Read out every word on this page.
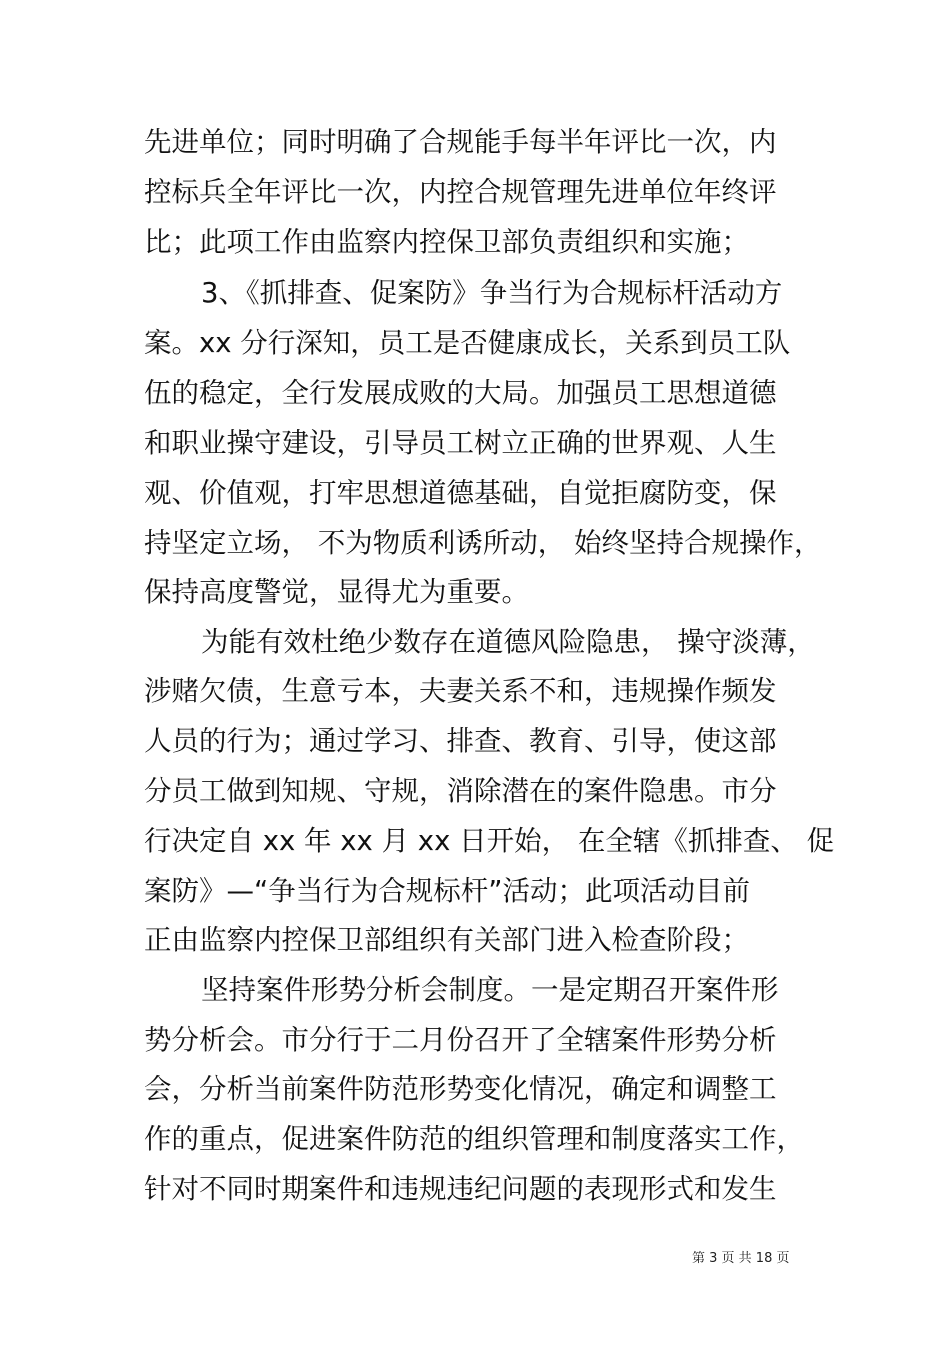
先进单位；同时明确了合规能手每半年评比一次，内
控标兵全年评比一次，内控合规管理先进单位年终评
比；此项工作由监察内控保卫部负责组织和实施；
3、《抓排查、促案防》争当行为合规标杆活动方
案。xx 分行深知，员工是否健康成长，关系到员工队
伍的稳定，全行发展成败的大局。加强员工思想道德
和职业操守建设，引导员工树立正确的世界观、人生
观、价值观，打牢思想道德基础，自觉拒腐防变，保
持坚定立场， 不为物质利诱所动， 始终坚持合规操作，
保持高度警觉，显得尤为重要。
为能有效杜绝少数存在道德风险隐患， 操守淡薄，
涉赌欠债，生意亏本，夫妻关系不和，违规操作频发
人员的行为；通过学习、排查、教育、引导，使这部
分员工做到知规、守规，消除潜在的案件隐患。市分
行决定自 xx 年 xx 月 xx 日开始， 在全辖《抓排查、 促
案防》—“争当行为合规标杆”活动；此项活动目前
正由监察内控保卫部组织有关部门进入检查阶段；
坚持案件形势分析会制度。一是定期召开案件形
势分析会。市分行于二月份召开了全辖案件形势分析
会，分析当前案件防范形势变化情况，确定和调整工
作的重点，促进案件防范的组织管理和制度落实工作，
针对不同时期案件和违规违纪问题的表现形式和发生
第 3 页 共 18 页
